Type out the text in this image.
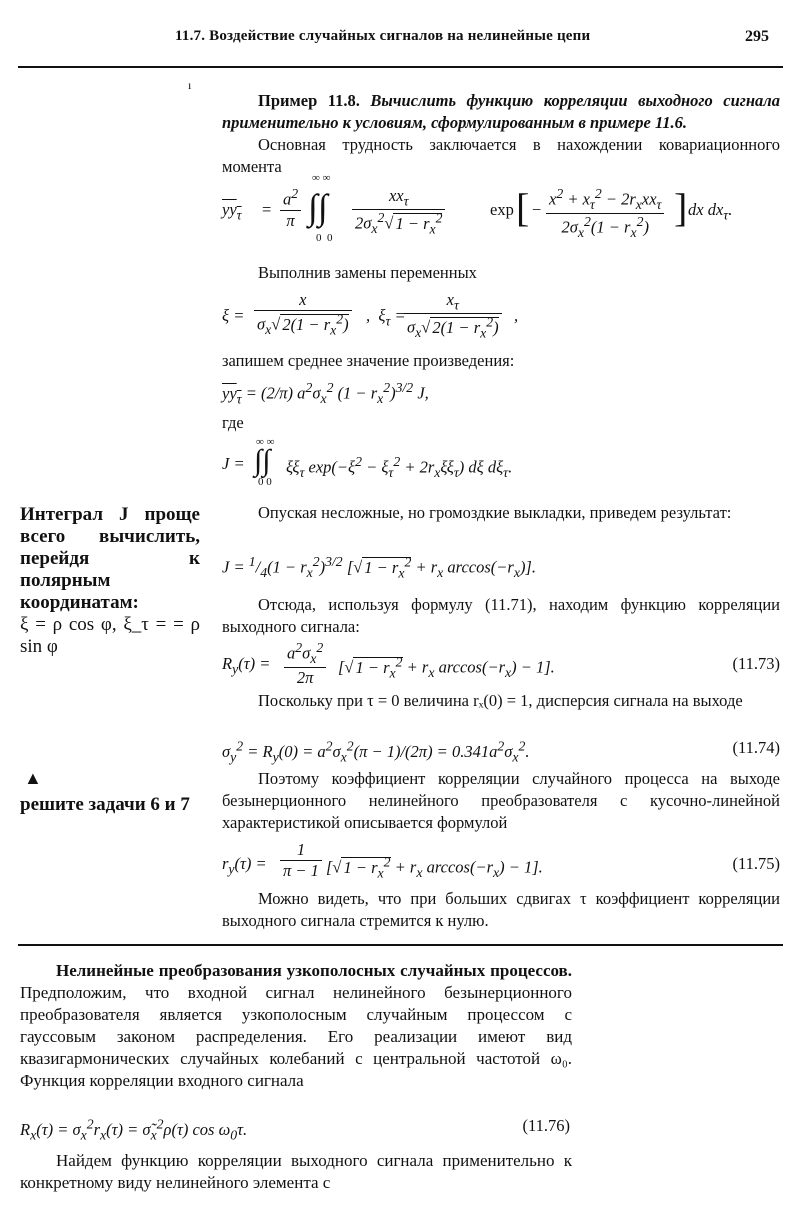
11.7. Воздействие случайных сигналов на нелинейные цепи	295
ı
Пример 11.8. Вычислить функцию корреляции выходного сигнала применительно к условиям, сформулированным в примере 11.6.
Основная трудность заключается в нахождении ковариационного момента
$yy_\tau = \frac{a^2}{\pi}$
∞ ∞
∫∫
0  0
$xx_\tau$
$2\sigma_x^2√$ $1 - r_x^2$	exp [ −
$x^2 + x_\tau^2 - 2r_xxx_\tau$
$2\sigma_x^2(1 - r_x^2)$ ] dx $dx_\tau$.
Выполнив замены переменных
$\xi = \frac{x}{\sigma_x√ 2(1 - r_x^2)}$ ,  $\xi_\tau$ =
$\frac{x_\tau}{\sigma_x√ 2(1 - r_x^2)}$ ,
запишем среднее значение произведения:
$yy_\tau = (2/\pi)$ $a^2\sigma_x^2$ $(1 - r_x^2)^{3/2}$ J,
где
J =
∞ ∞
∫∫
0 0
$\xi\xi_\tau$ $\exp(-\xi^2 - \xi_\tau^2 + 2r_x\xi\xi_\tau)$ dξ $d\xi_\tau$.
Интеграл J проще всего вычислить, перейдя к полярным координатам:
ξ = ρ cos φ, ξ_τ = = ρ sin φ
Опуская несложные, но громоздкие выкладки, приведем результат:
$J = ^1/_4(1 - r_x^2)^{3/2}$ [√ $1 - r_x^2 + r_x$ $\arccos(-r_x)$].
Отсюда, используя формулу (11.71), находим функцию корреляции выходного сигнала:
$R_y(\tau) = \frac{a^2\sigma_x^2}{2\pi}$ [√ $1 - r_x^2 + r_x$ $\arccos(-r_x) - 1$].	(11.73)
Поскольку при τ = 0 величина rₓ(0) = 1, дисперсия сигнала на выходе
$\sigma_y^2 = R_y(0) = a^2\sigma_x^2(\pi - 1)/(2\pi) = 0.341a^2\sigma_x^2$.	(11.74)
▲
решите задачи 6 и 7
Поэтому коэффициент корреляции случайного процесса на выходе безынерционного нелинейного преобразователя с кусочно-линейной характеристикой описывается формулой
$r_y(\tau) = \frac{1}{\pi - 1}$ [√ $1 - r_x^2 + r_x$ $\arccos(-r_x) - 1$].	(11.75)
Можно видеть, что при больших сдвигах τ коэффициент корреляции выходного сигнала стремится к нулю.
Нелинейные преобразования узкополосных случайных процессов. Предположим, что входной сигнал нелинейного безынерционного преобразователя является узкополосным случайным процессом с гауссовым законом распределения. Его реализации имеют вид квазигармонических случайных колебаний с центральной частотой ω₀. Функция корреляции входного сигнала
$R_x(\tau) = \sigma_x^2r_x(\tau)$ = $\sigmã_x^2\rho(\tau)$ $\cos \omega_0\tau$.	(11.76)
Найдем функцию корреляции выходного сигнала применительно к конкретному виду нелинейного элемента с
